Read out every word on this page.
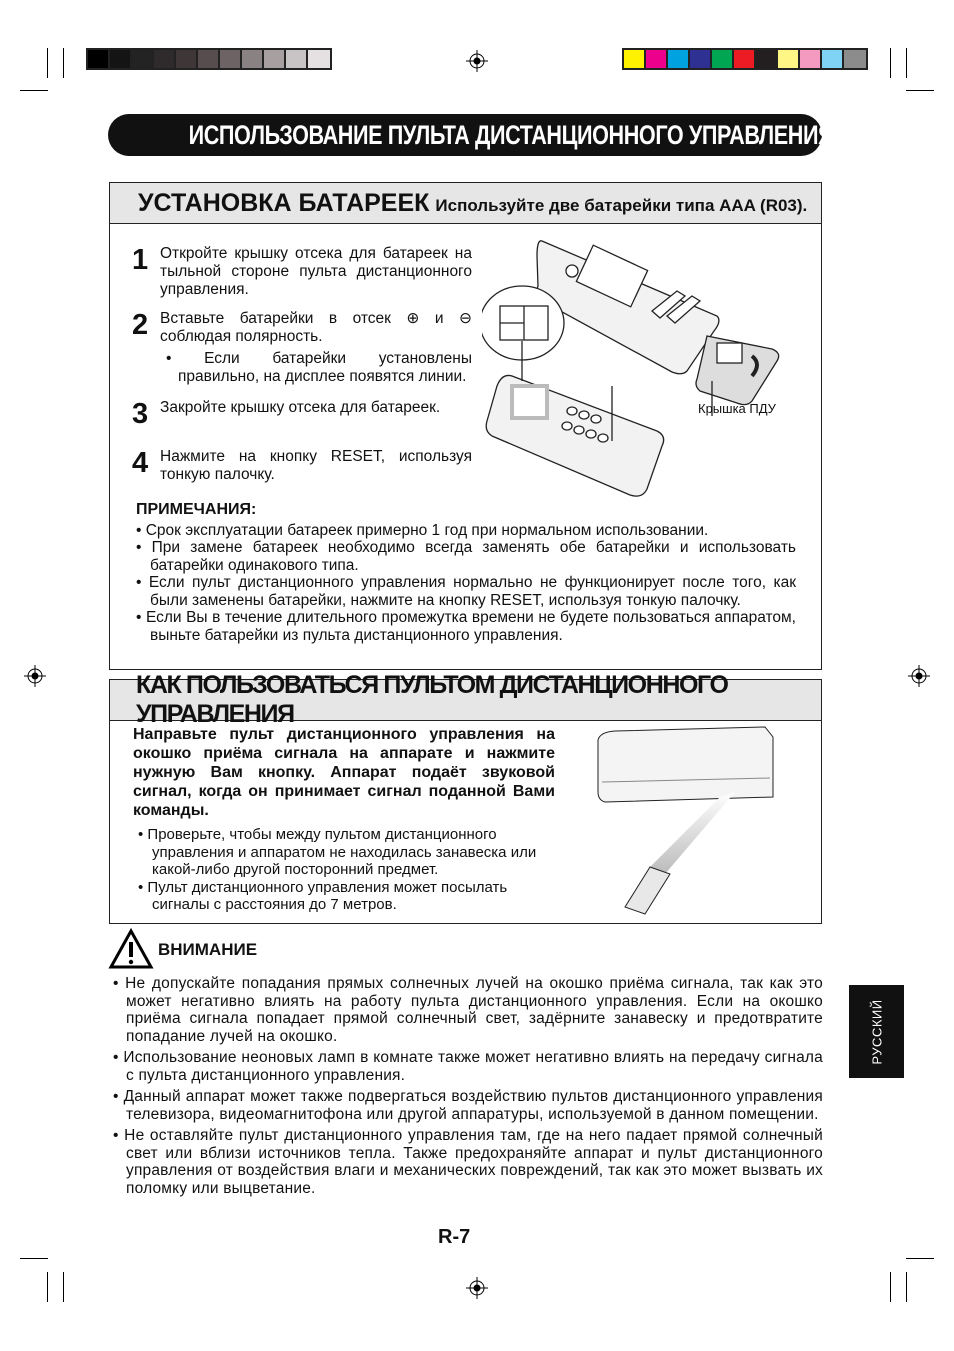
ИСПОЛЬЗОВАНИЕ ПУЛЬТА ДИСТАНЦИОННОГО УПРАВЛЕНИЯ
УСТАНОВКА БАТАРЕЕК Используйте две батарейки типа AAA (R03).
1 Откройте крышку отсека для батареек на тыльной стороне пульта дистанционного управления.
2 Вставьте батарейки в отсек ⊕ и ⊖ соблюдая полярность.
• Если батарейки установлены правильно, на дисплее появятся линии.
3 Закройте крышку отсека для батареек.
4 Нажмите на кнопку RESET, используя тонкую палочку.
Крышка ПДУ
ПРИМЕЧАНИЯ:
• Срок эксплуатации батареек примерно 1 год при нормальном использовании.
• При замене батареек необходимо всегда заменять обе батарейки и использовать батарейки одинакового типа.
• Если пульт дистанционного управления нормально не функционирует после того, как были заменены батарейки, нажмите на кнопку RESET, используя тонкую палочку.
• Если Вы в течение длительного промежутка времени не будете пользоваться аппаратом, выньте батарейки из пульта дистанционного управления.
КАК ПОЛЬЗОВАТЬСЯ ПУЛЬТОМ ДИСТАНЦИОННОГО УПРАВЛЕНИЯ
Направьте пульт дистанционного управления на окошко приёма сигнала на аппарате и нажмите нужную Вам кнопку. Аппарат подаёт звуковой сигнал, когда он принимает сигнал поданной Вами команды.
• Проверьте, чтобы между пультом дистанционного управления и аппаратом не находилась занавеска или какой-либо другой посторонний предмет.
• Пульт дистанционного управления может посылать сигналы с расстояния до 7 метров.
ВНИМАНИЕ
• Не допускайте попадания прямых солнечных лучей на окошко приёма сигнала, так как это может негативно влиять на работу пульта дистанционного управления. Если на окошко приёма сигнала попадает прямой солнечный свет, задёрните занавеску и предотвратите попадание лучей на окошко.
• Использование неоновых ламп в комнате также может негативно влиять на передачу сигнала с пульта дистанционного управления.
• Данный аппарат может также подвергаться воздействию пультов дистанционного управления телевизора, видеомагнитофона или другой аппаратуры, используемой в данном помещении.
• Не оставляйте пульт дистанционного управления там, где на него падает прямой солнечный свет или вблизи источников тепла. Также предохраняйте аппарат и пульт дистанционного управления от воздействия влаги и механических повреждений, так как это может вызвать их поломку или выцветание.
РУССКИЙ
R-7
